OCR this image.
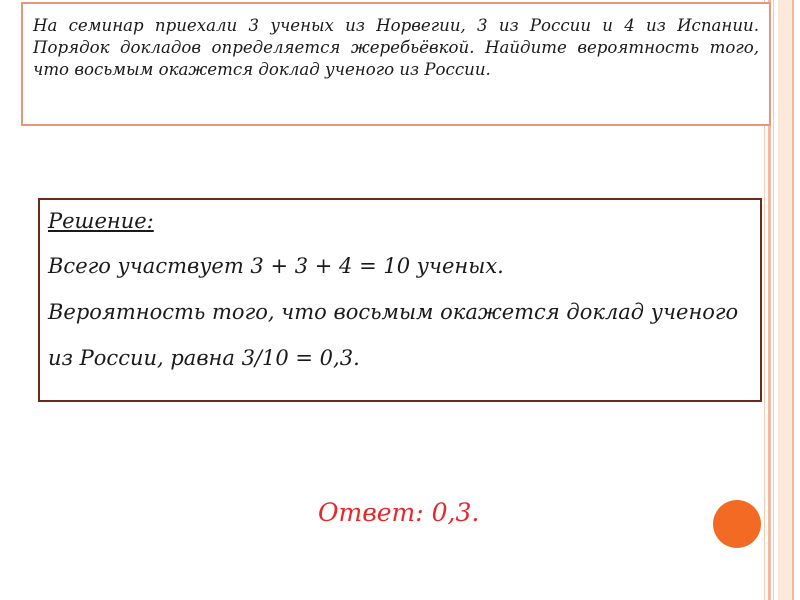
На семинар приехали 3 ученых из Норвегии, 3 из России и 4 из Испании. Порядок докладов определяется жеребьёвкой. Найдите вероятность того, что восьмым окажется доклад ученого из России.

Решение:

Всего участвует 3 + 3 + 4 = 10 ученых.

Вероятность того, что восьмым окажется доклад ученого

из России, равна 3/10 = 0,3.

Ответ: 0,3.
